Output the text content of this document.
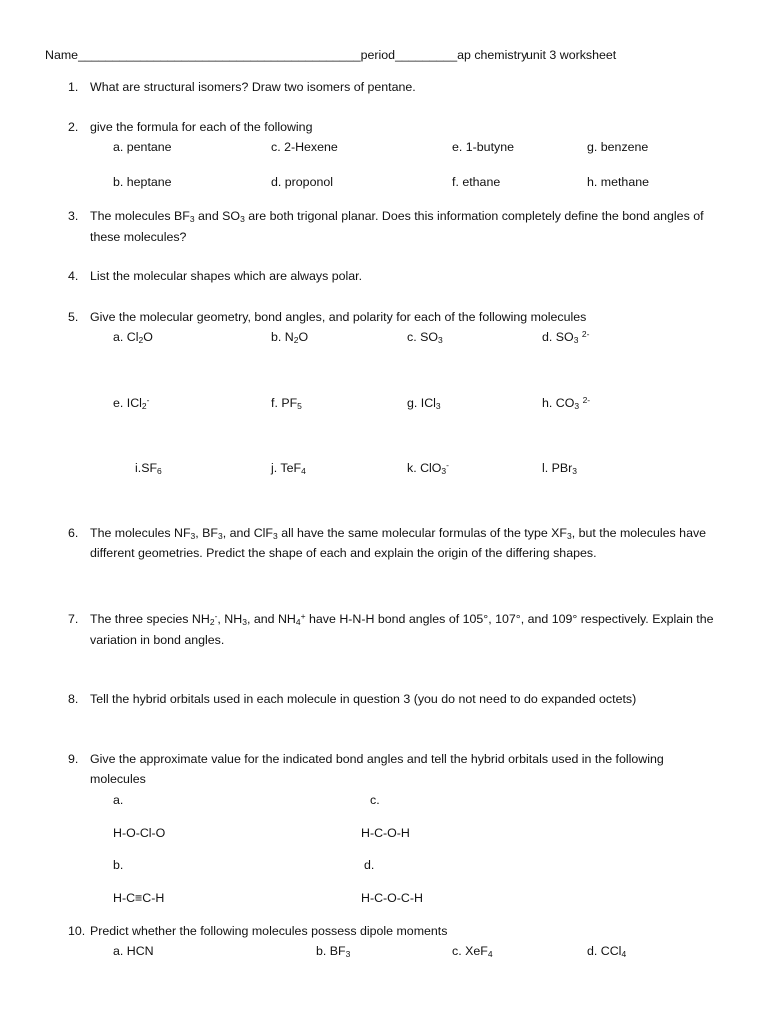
Name_________________________________________period_________ap chemistry
unit 3 worksheet
1. What are structural isomers? Draw two isomers of pentane.
2. give the formula for each of the following
a. pentane	c. 2-Hexene	e. 1-butyne	g. benzene
b. heptane	d. proponol	f. ethane	h. methane
3. The molecules $BF_3$ and $SO_3$ are both trigonal planar. Does this information completely define the bond angles of
these molecules?
4. List the molecular shapes which are always polar.
5. Give the molecular geometry, bond angles, and polarity for each of the following molecules
a. $Cl_2O$	b. $N_2O$	c. $SO_3$	d. $SO_3$ $^{2-}$
e. ICl$_2$-	f. $PF_5$	g. ICl$_3$	h. $CO_3$ $^{2-}$
$i.SF_6$	j. TeF$_4$	k. ClO$_3$-	l. PBr$_3$
6. The molecules $NF_3$, $BF_3$, and ClF$_3$ all have the same molecular formulas of the type $XF_3$, but the molecules have
different geometries. Predict the shape of each and explain the origin of the differing shapes.
7. The three species $NH_2^-$, $NH_3$, and $NH_4^+$ have H-N-H bond angles of 105°, 107°, and 109° respectively. Explain the
variation in bond angles.
8. Tell the hybrid orbitals used in each molecule in question 3 (you do not need to do expanded octets)
9. Give the approximate value for the indicated bond angles and tell the hybrid orbitals used in the following
molecules
a.	c.
H-O-Cl-O	H-C-O-H
b.	d.
H-C≡C-H	H-C-O-C-H
10. Predict whether the following molecules possess dipole moments
a. HCN	b. $BF_3$	c. XeF$_4$	d. CCl$_4$
